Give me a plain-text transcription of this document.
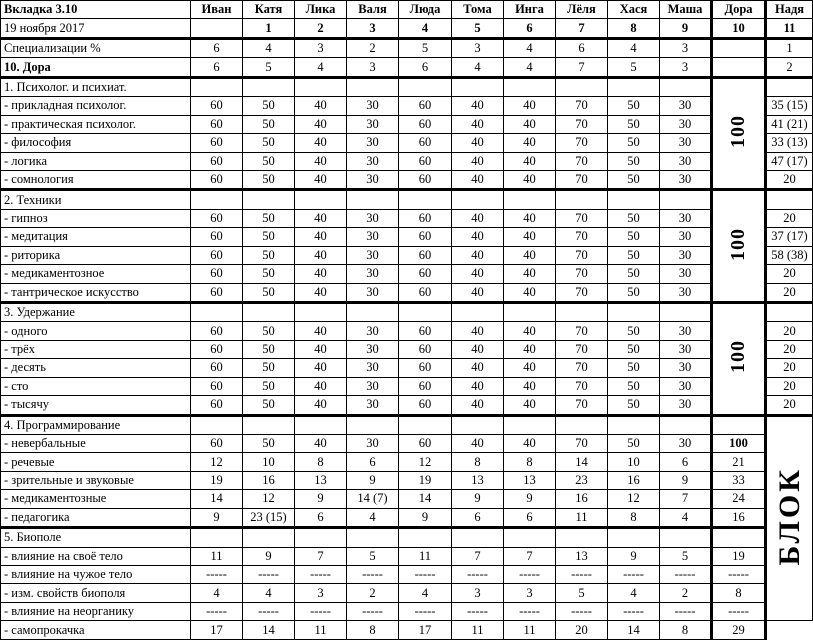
Вкладка 3.10	Иван	Катя	Лика	Валя	Люда	Тома	Инга	Лёля	Хася	Маша	Дора	Надя
19 ноября 2017		1	2	3	4	5	6	7	8	9	10	11
Специализации %	6	4	3	2	5	3	4	6	4	3		1
10. Дора	6	5	4	3	6	4	4	7	5	3		2
1. Психолог. и психиат.											100	
- прикладная психолог.	60	50	40	30	60	40	40	70	50	30		35 (15)
- практическая психолог.	60	50	40	30	60	40	40	70	50	30		41 (21)
- философия	60	50	40	30	60	40	40	70	50	30		33 (13)
- логика	60	50	40	30	60	40	40	70	50	30		47 (17)
- сомнология	60	50	40	30	60	40	40	70	50	30		20
2. Техники											100	
- гипноз	60	50	40	30	60	40	40	70	50	30		20
- медитация	60	50	40	30	60	40	40	70	50	30		37 (17)
- риторика	60	50	40	30	60	40	40	70	50	30		58 (38)
- медикаментозное	60	50	40	30	60	40	40	70	50	30		20
- тантрическое искусство	60	50	40	30	60	40	40	70	50	30		20
3. Удержание											100	
- одного	60	50	40	30	60	40	40	70	50	30		20
- трёх	60	50	40	30	60	40	40	70	50	30		20
- десять	60	50	40	30	60	40	40	70	50	30		20
- сто	60	50	40	30	60	40	40	70	50	30		20
- тысячу	60	50	40	30	60	40	40	70	50	30		20
4. Программирование												БЛОК
- невербальные	60	50	40	30	60	40	40	70	50	30	100	
- речевые	12	10	8	6	12	8	8	14	10	6	21	
- зрительные и звуковые	19	16	13	9	19	13	13	23	16	9	33	
- медикаментозные	14	12	9	14 (7)	14	9	9	16	12	7	24	
- педагогика	9	23 (15)	6	4	9	6	6	11	8	4	16	
5. Биополе												
- влияние на своё тело	11	9	7	5	11	7	7	13	9	5	19	
- влияние на чужое тело	-----	-----	-----	-----	-----	-----	-----	-----	-----	-----	-----	
- изм. свойств биополя	4	4	3	2	4	3	3	5	4	2	8	
- влияние на неорганику	-----	-----	-----	-----	-----	-----	-----	-----	-----	-----	-----	
- самопрокачка	17	14	11	8	17	11	11	20	14	8	29	
